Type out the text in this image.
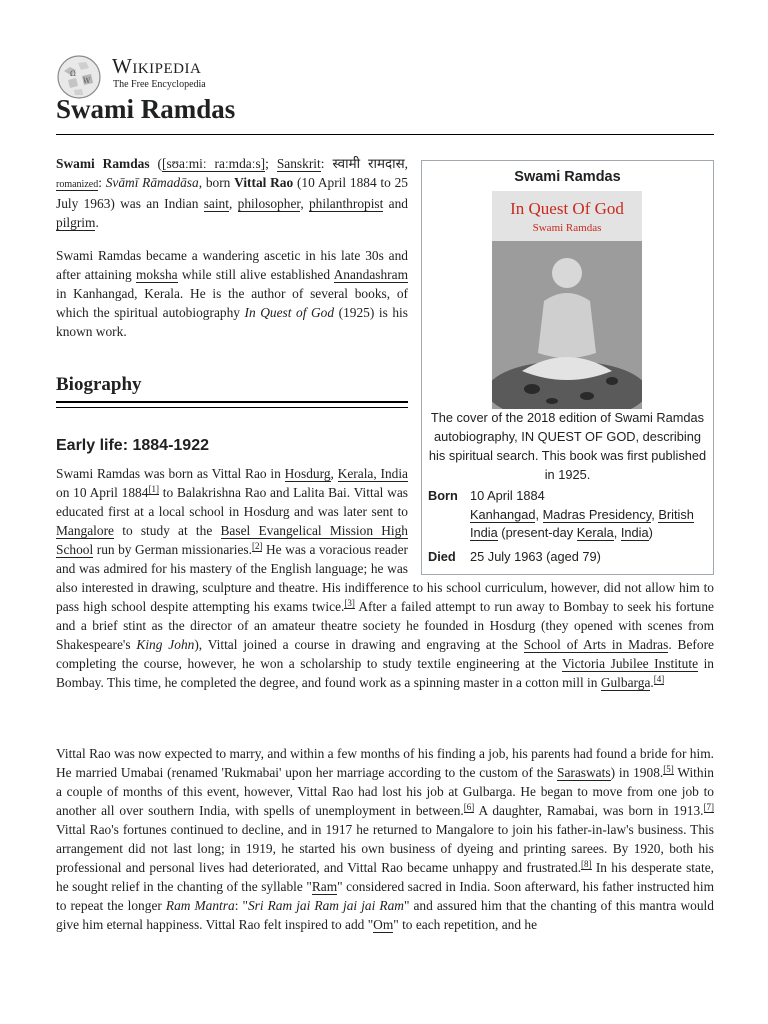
Ω
W
Wikipedia
The Free Encyclopedia
Swami Ramdas

Swami Ramdas ([sʊaːmiː raːmdaːs]; Sanskrit: स्वामी रामदास, romanized: Svāmī Rāmadāsa, born Vittal Rao (10 April 1884 to 25 July 1963) was an Indian saint, philosopher, philanthropist and pilgrim.

Swami Ramdas became a wandering ascetic in his late 30s and after attaining moksha while still alive established Anandashram in Kanhangad, Kerala. He is the author of several books, of which the spiritual autobiography In Quest of God (1925) is his known work.

Biography
Early life: 1884-1922

Swami Ramdas was born as Vittal Rao in Hosdurg, Kerala, India on 10 April 1884[1] to Balakrishna Rao and Lalita Bai. Vittal was educated first at a local school in Hosdurg and was later sent to Mangalore to study at the Basel Evangelical Mission High School run by German missionaries.[2] He was a voracious reader and was admired for his mastery of the English language; he was also interested in drawing, sculpture and theatre. His indifference to his school curriculum, however, did not allow him to pass high school despite attempting his exams twice.[3] After a failed attempt to run away to Bombay to seek his fortune and a brief stint as the director of an amateur theatre society he founded in Hosdurg (they opened with scenes from Shakespeare's King John), Vittal joined a course in drawing and engraving at the School of Arts in Madras. Before completing the course, however, he won a scholarship to study textile engineering at the Victoria Jubilee Institute in Bombay. This time, he completed the degree, and found work as a spinning master in a cotton mill in Gulbarga.[4]

Vittal Rao was now expected to marry, and within a few months of his finding a job, his parents had found a bride for him. He married Umabai (renamed 'Rukmabai' upon her marriage according to the custom of the Saraswats) in 1908.[5] Within a couple of months of this event, however, Vittal Rao had lost his job at Gulbarga. He began to move from one job to another all over southern India, with spells of unemployment in between.[6] A daughter, Ramabai, was born in 1913.[7] Vittal Rao's fortunes continued to decline, and in 1917 he returned to Mangalore to join his father-in-law's business. This arrangement did not last long; in 1919, he started his own business of dyeing and printing sarees. By 1920, both his professional and personal lives had deteriorated, and Vittal Rao became unhappy and frustrated.[8] In his desperate state, he sought relief in the chanting of the syllable "Ram" considered sacred in India. Soon afterward, his father instructed him to repeat the longer Ram Mantra: "Sri Ram jai Ram jai jai Ram" and assured him that the chanting of this mantra would give him eternal happiness. Vittal Rao felt inspired to add "Om" to each repetition, and he

Swami Ramdas
In Quest Of God
Swami Ramdas
The cover of the 2018 edition of Swami Ramdas autobiography, IN QUEST OF GOD, describing his spiritual search. This book was first published in 1925.
Born 10 April 1884
Kanhangad, Madras Presidency, British India (present-day Kerala, India)
Died	25 July 1963 (aged 79)
